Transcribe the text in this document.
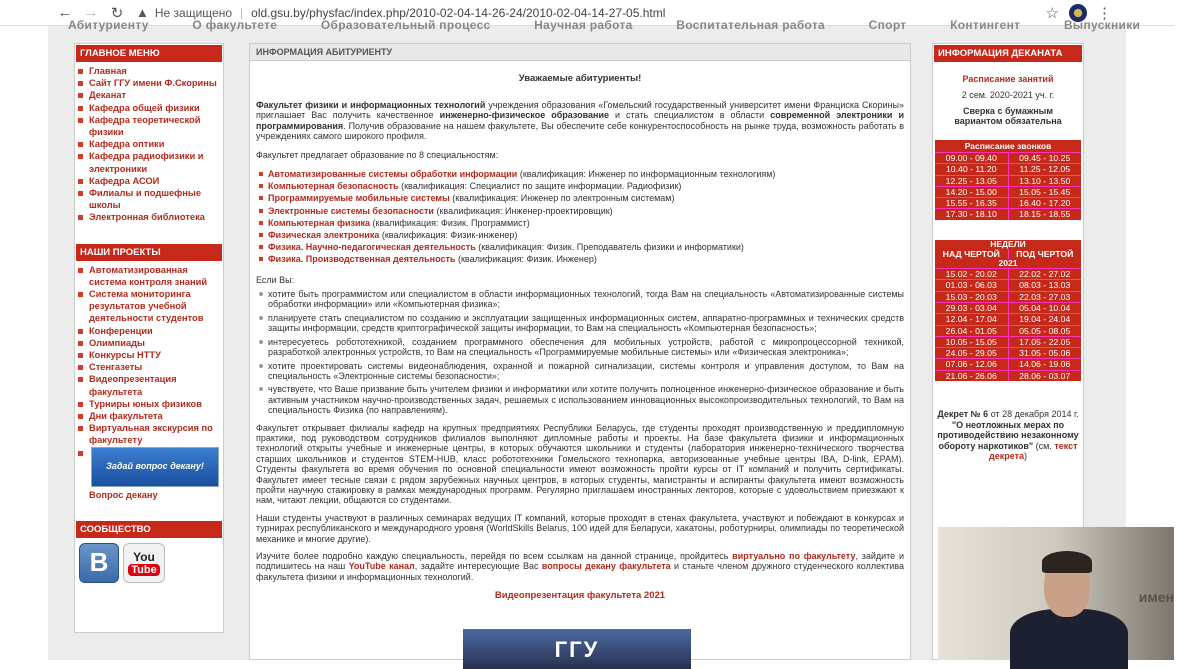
← → ↻ ▲ Не защищено | old.gsu.by/physfac/index.php/2010-02-04-14-26-24/2010-02-04-14-27-05.html	☆	⋮
Абитуриенту	О факультете	Образовательный процесс	Научная работа	Воспитательная работа	Спорт	Контингент	Выпускники
ГЛАВНОЕ МЕНЮ
Главная
Сайт ГГУ имени Ф.Скорины
Деканат
Кафедра общей физики
Кафедра теоретической физики
Кафедра оптики
Кафедра радиофизики и электроники
Кафедра АСОИ
Филиалы и подшефные школы
Электронная библиотека
НАШИ ПРОЕКТЫ
Автоматизированная система контроля знаний
Система мониторинга результатов учебной деятельности студентов
Конференции
Олимпиады
Конкурсы НТТУ
Стенгазеты
Видеопрезентация факультета
Турниры юных физиков
Дни факультета
Виртуальная экскурсия по факультету
Задай вопрос декану!
Вопрос декану
СООБЩЕСТВО
B	You
Tube
ИНФОРМАЦИЯ АБИТУРИЕНТУ
Уважаемые абитуриенты!

Факультет физики и информационных технологий учреждения образования «Гомельский государственный университет имени Франциска Скорины» приглашает Вас получить качественное инженерно-физическое образование и стать специалистом в области современной электроники и программирования. Получив образование на нашем факультете, Вы обеспечите себе конкурентоспособность на рынке труда, возможность работать в учреждениях самого широкого профиля.

Факультет предлагает образование по 8 специальностям:

Автоматизированные системы обработки информации (квалификация: Инженер по информационным технологиям)
Компьютерная безопасность (квалификация: Специалист по защите информации. Радиофизик)
Программируемые мобильные системы (квалификация: Инженер по электронным системам)
Электронные системы безопасности (квалификация: Инженер-проектировщик)
Компьютерная физика (квалификация: Физик. Программист)
Физическая электроника (квалификация: Физик-инженер)
Физика. Научно-педагогическая деятельность (квалификация: Физик. Преподаватель физики и информатики)
Физика. Производственная деятельность (квалификация: Физик. Инженер)

Если Вы:

хотите быть программистом или специалистом в области информационных технологий, тогда Вам на специальность «Автоматизированные системы обработки информации» или «Компьютерная физика»;
планируете стать специалистом по созданию и эксплуатации защищенных информационных систем, аппаратно-программных и технических средств защиты информации, средств криптографической защиты информации, то Вам на специальность «Компьютерная безопасность»;
интересуетесь робототехникой, созданием программного обеспечения для мобильных устройств, работой с микропроцессорной техникой, разработкой электронных устройств, то Вам на специальность «Программируемые мобильные системы» или «Физическая электроника»;
хотите проектировать системы видеонаблюдения, охранной и пожарной сигнализации, системы контроля и управления доступом, то Вам на специальность «Электронные системы безопасности»;
чувствуете, что Ваше призвание быть учителем физики и информатики или хотите получить полноценное инженерно-физическое образование и быть активным участником научно-производственных задач, решаемых с использованием инновационных высокопроизводительных технологий, то Вам на специальность Физика (по направлениям).

Факультет открывает филиалы кафедр на крупных предприятиях Республики Беларусь, где студенты проходят производственную и преддипломную практики, под руководством сотрудников филиалов выполняют дипломные работы и проекты. На базе факультета физики и информационных технологий открыты учебные и инженерные центры, в которых обучаются школьники и студенты (лаборатория инженерно-технического творчества старших школьников и студентов STEM-HUB, класс робототехники Гомельского технопарка, авторизованные учебные центры IBA, D-link, EPAM). Студенты факультета во время обучения по основной специальности имеют возможность пройти курсы от IT компаний и получить сертификаты. Факультет имеет тесные связи с рядом зарубежных научных центров, в которых студенты, магистранты и аспиранты факультета имеют возможность пройти научную стажировку в рамках международных программ. Регулярно приглашаем иностранных лекторов, которые с удовольствием приезжают к нам, читают лекции, общаются со студентами.

Наши студенты участвуют в различных семинарах ведущих IT компаний, которые проходят в стенах факультета, участвуют и побеждают в конкурсах и турнирах республиканского и международного уровня (WorldSkills Belarus, 100 идей для Беларуси, хакатоны, роботурниры, олимпиады по теоретической механике и многие другие).

Изучите более подробно каждую специальность, перейдя по всем ссылкам на данной странице, пройдитесь виртуально по факультету, зайдите и подпишитесь на наш YouTube канал, задайте интересующие Вас вопросы декану факультета и станьте членом дружного студенческого коллектива факультета физики и информационных технологий.

Видеопрезентация факультета 2021
ГГУ
ИНФОРМАЦИЯ ДЕКАНАТА
Расписание занятий
2 сем. 2020-2021 уч. г.
Сверка с бумажным вариантом обязательна
Расписание звонков
09.00 - 09.40	09.45 - 10.25
10.40 - 11.20	11.25 - 12.05
12.25 - 13.05	13.10 - 13.50
14.20 - 15.00	15.05 - 15.45
15.55 - 16.35	16.40 - 17.20
17.30 - 18.10	18.15 - 18.55
НЕДЕЛИ
НАД ЧЕРТОЙ	ПОД ЧЕРТОЙ
2021
15.02 - 20.02	22.02 - 27.02
01.03 - 06.03	08.03 - 13.03
15.03 - 20.03	22.03 - 27.03
29.03 - 03.04	05.04 - 10.04
12.04 - 17.04	19.04 - 24.04
26.04 - 01.05	05.05 - 08.05
10.05 - 15.05	17.05 - 22.05
24.05 - 29.05	31.05 - 05.06
07.06 - 12.06	14.06 - 19.06
21.06 - 26.06	28.06 - 03.07
Декрет № 6 от 28 декабря 2014 г. "О неотложных мерах по противодействию незаконному обороту наркотиков" (см. текст декрета)
имен
